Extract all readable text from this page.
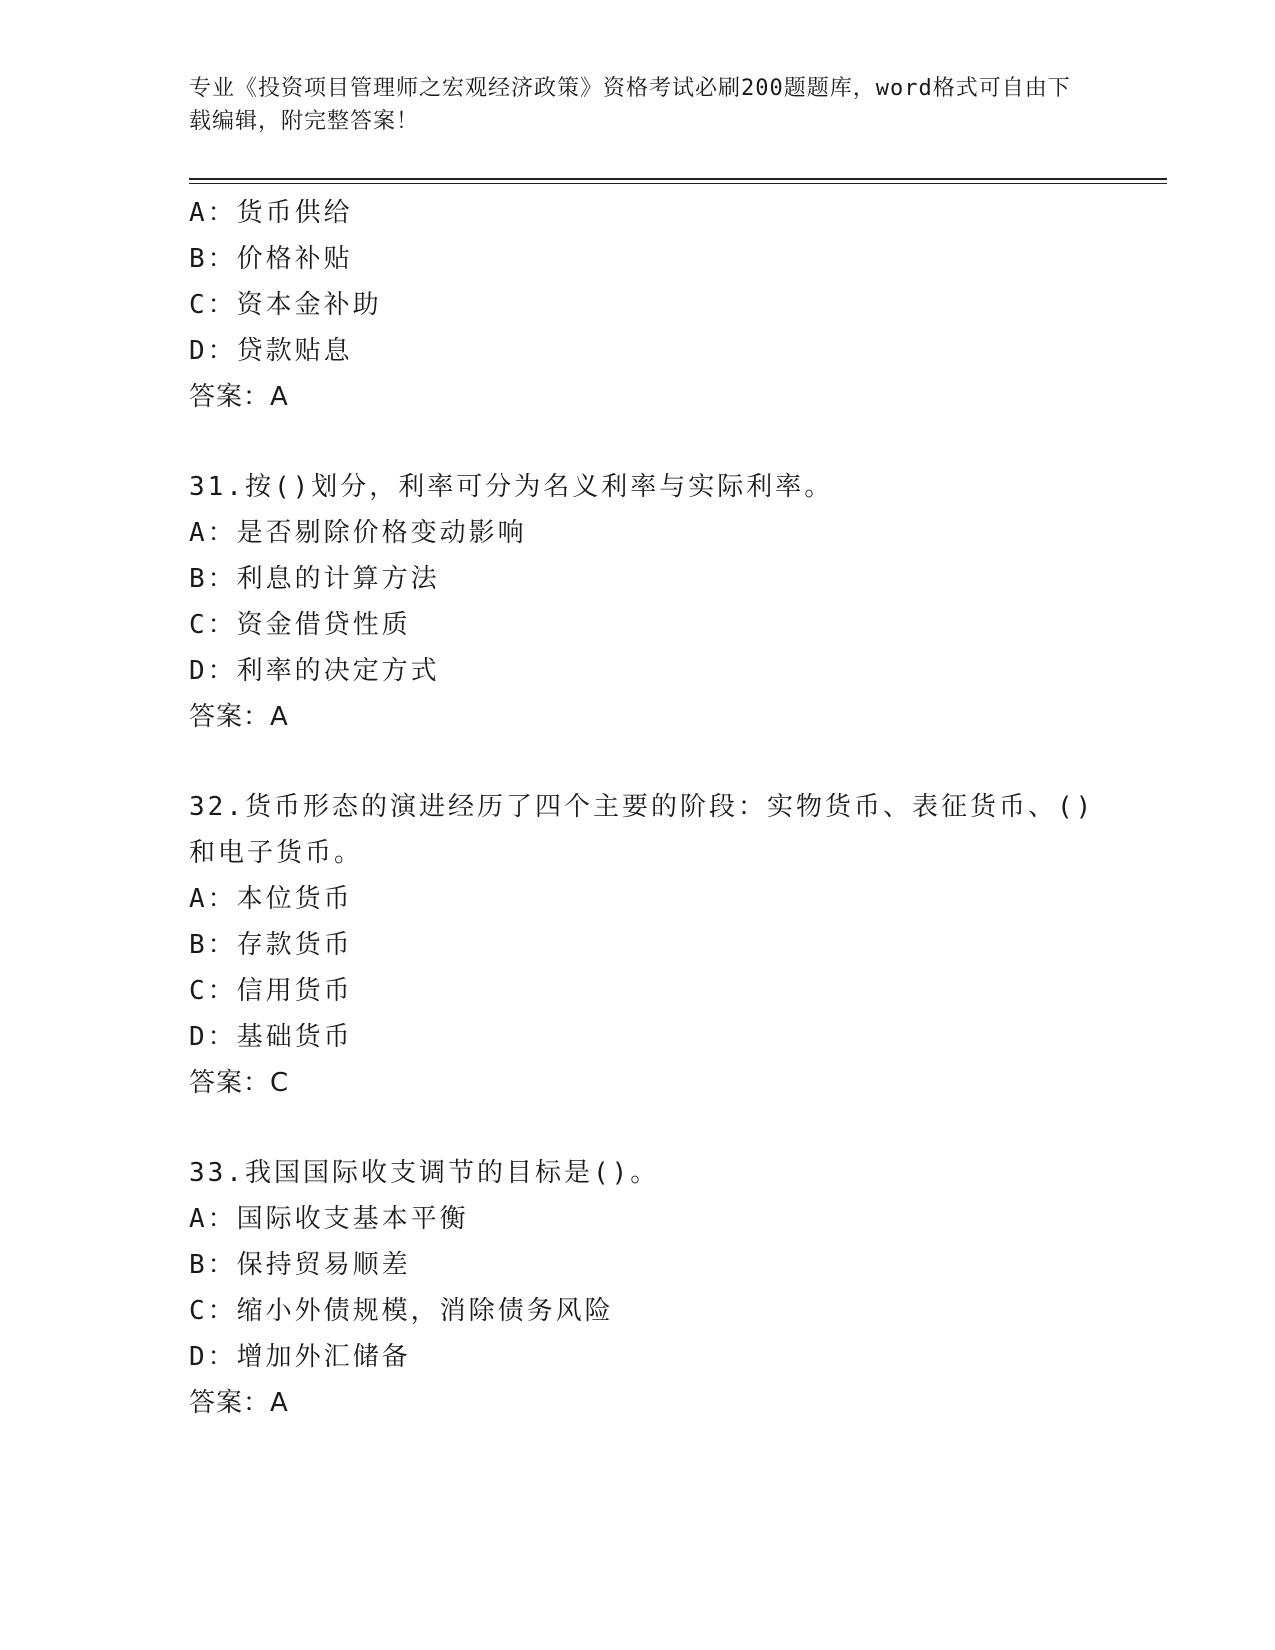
专业《投资项目管理师之宏观经济政策》资格考试必刷200题题库，word格式可自由下载编辑，附完整答案！
A：货币供给
B：价格补贴
C：资本金补助
D：贷款贴息
答案：A
31.按()划分，利率可分为名义利率与实际利率。
A：是否剔除价格变动影响
B：利息的计算方法
C：资金借贷性质
D：利率的决定方式
答案：A
32.货币形态的演进经历了四个主要的阶段：实物货币、表征货币、()
和电子货币。
A：本位货币
B：存款货币
C：信用货币
D：基础货币
答案：C
33.我国国际收支调节的目标是()。
A：国际收支基本平衡
B：保持贸易顺差
C：缩小外债规模，消除债务风险
D：增加外汇储备
答案：A
